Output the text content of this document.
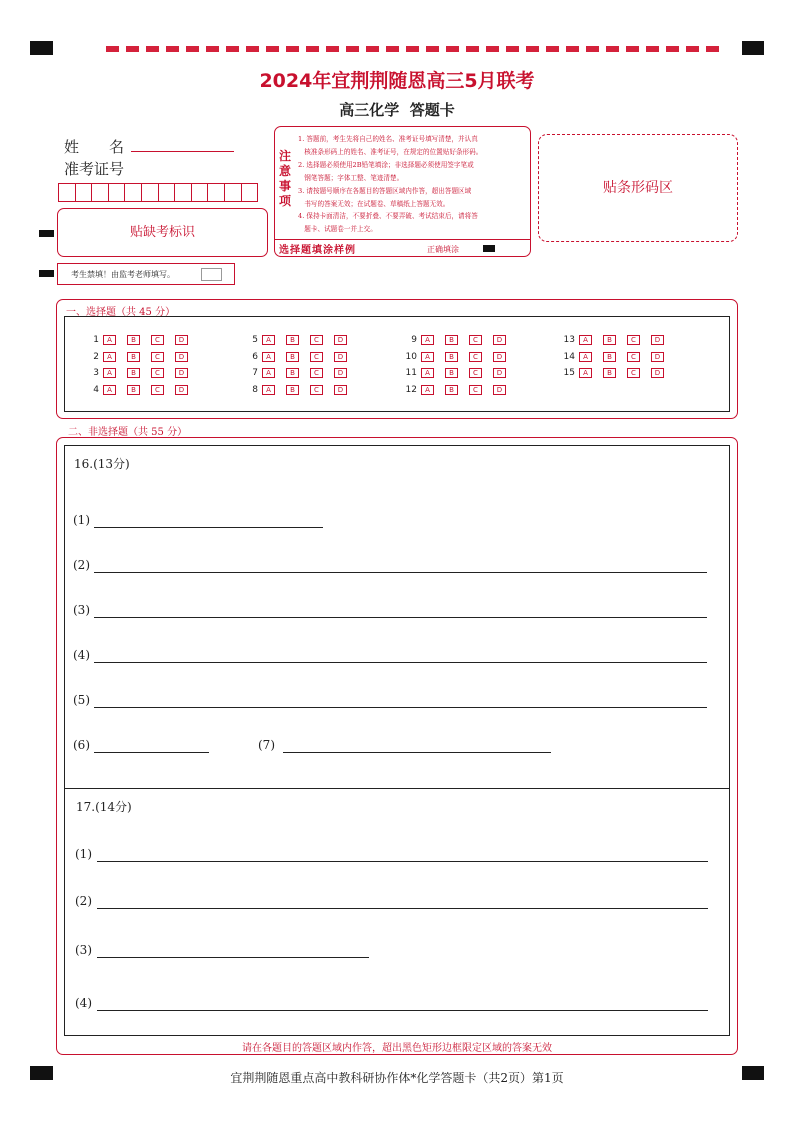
2024年宜荆荆随恩高三5月联考
高三化学  答题卡
姓　　名
准考证号
贴缺考标识
考生禁填！由监考老师填写。
注
意
事
项
1. 答题前，考生先将自己的姓名、准考证号填写清楚，并认真
核准条形码上的姓名、准考证号，在规定的位置贴好条形码。
2. 选择题必须使用2B铅笔填涂；非选择题必须使用签字笔或
钢笔答题；字体工整、笔迹清楚。
3. 请按题号顺序在各题目的答题区域内作答，超出答题区域
书写的答案无效；在试题卷、草稿纸上答题无效。
4. 保持卡面清洁，不要折叠、不要弄破、考试结束后，请将答
题卡、试题卷一并上交。
选择题填涂样例	正确填涂
贴条形码区
一、选择题（共 45 分）
1	A	B	C	D
2	A	B	C	D
3	A	B	C	D
4	A	B	C	D
5	A	B	C	D
6	A	B	C	D
7	A	B	C	D
8	A	B	C	D
9	A	B	C	D
10	A	B	C	D
11	A	B	C	D
12	A	B	C	D
13	A	B	C	D
14	A	B	C	D
15	A	B	C	D
二、非选择题（共 55 分）
16.(13分)
17.(14分)
请在各题目的答题区域内作答，超出黑色矩形边框限定区域的答案无效
(1)
(2)
(3)
(4)
(5)
(6)	(7)
(1)
(2)
(3)
(4)
宜荆荆随恩重点高中教科研协作体*化学答题卡（共2页）第1页
